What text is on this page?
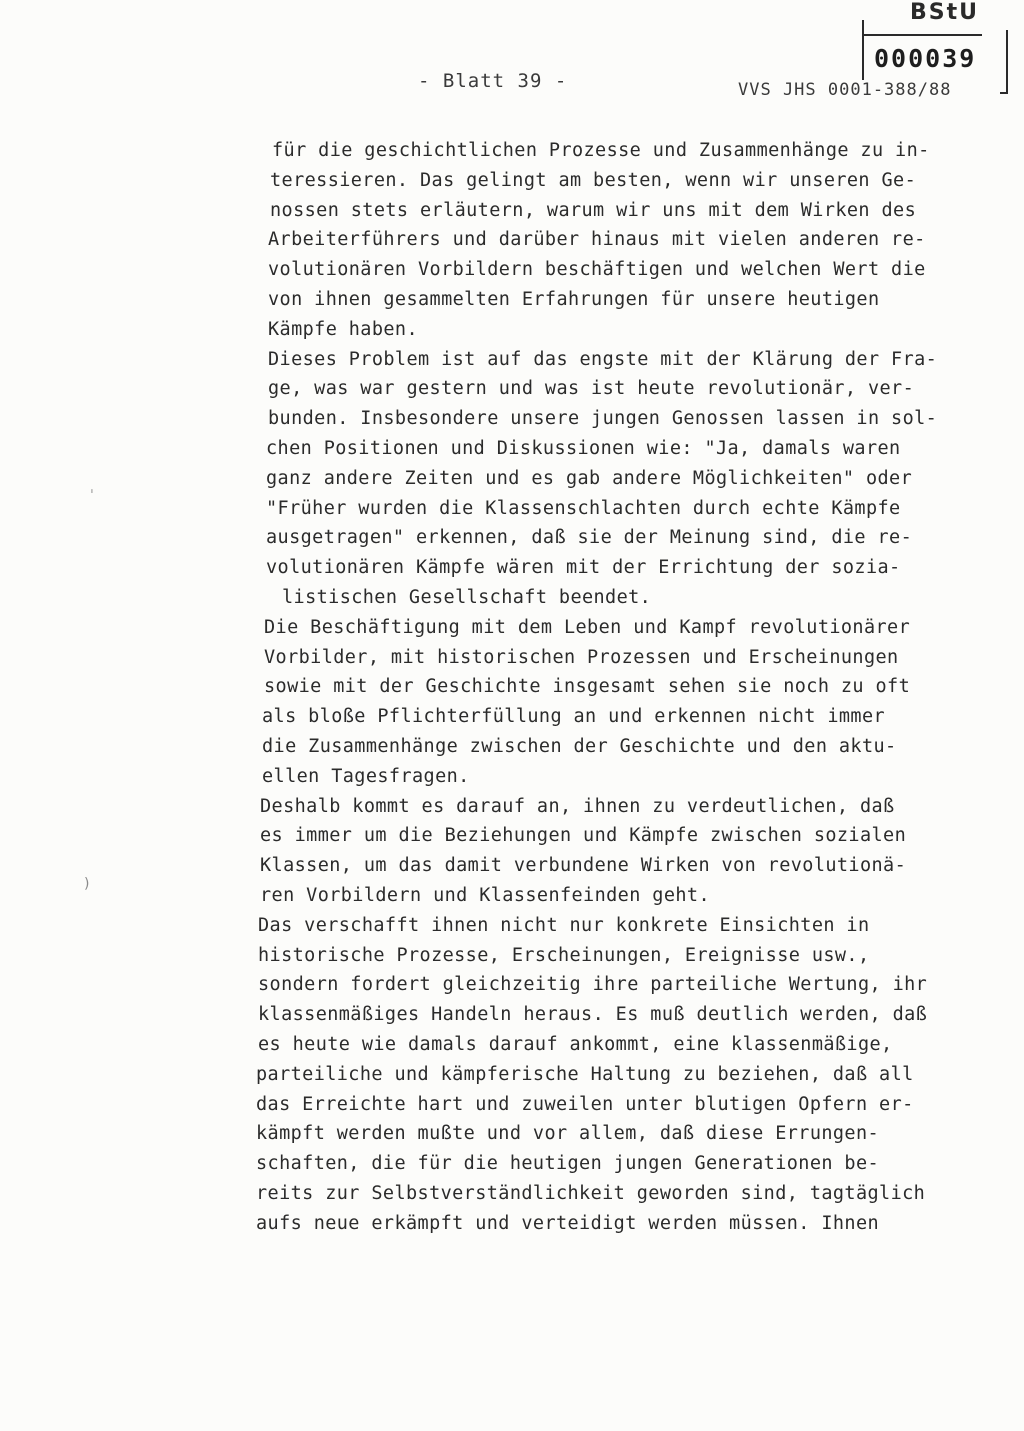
BStU
000039
- Blatt 39 -	VVS JHS 0001-388/88
ˈ
)
für die geschichtlichen Prozesse und Zusammenhänge zu in-
teressieren. Das gelingt am besten, wenn wir unseren Ge-
nossen stets erläutern, warum wir uns mit dem Wirken des
Arbeiterführers und darüber hinaus mit vielen anderen re-
volutionären Vorbildern beschäftigen und welchen Wert die
von ihnen gesammelten Erfahrungen für unsere heutigen
Kämpfe haben.
Dieses Problem ist auf das engste mit der Klärung der Fra-
ge, was war gestern und was ist heute revolutionär, ver-
bunden. Insbesondere unsere jungen Genossen lassen in sol-
chen Positionen und Diskussionen wie: "Ja, damals waren
ganz andere Zeiten und es gab andere Möglichkeiten" oder
"Früher wurden die Klassenschlachten durch echte Kämpfe
ausgetragen" erkennen, daß sie der Meinung sind, die re-
volutionären Kämpfe wären mit der Errichtung der sozia-
listischen Gesellschaft beendet.
Die Beschäftigung mit dem Leben und Kampf revolutionärer
Vorbilder, mit historischen Prozessen und Erscheinungen
sowie mit der Geschichte insgesamt sehen sie noch zu oft
als bloße Pflichterfüllung an und erkennen nicht immer
die Zusammenhänge zwischen der Geschichte und den aktu-
ellen Tagesfragen.
Deshalb kommt es darauf an, ihnen zu verdeutlichen, daß
es immer um die Beziehungen und Kämpfe zwischen sozialen
Klassen, um das damit verbundene Wirken von revolutionä-
ren Vorbildern und Klassenfeinden geht.
Das verschafft ihnen nicht nur konkrete Einsichten in
historische Prozesse, Erscheinungen, Ereignisse usw.,
sondern fordert gleichzeitig ihre parteiliche Wertung, ihr
klassenmäßiges Handeln heraus. Es muß deutlich werden, daß
es heute wie damals darauf ankommt, eine klassenmäßige,
parteiliche und kämpferische Haltung zu beziehen, daß all
das Erreichte hart und zuweilen unter blutigen Opfern er-
kämpft werden mußte und vor allem, daß diese Errungen-
schaften, die für die heutigen jungen Generationen be-
reits zur Selbstverständlichkeit geworden sind, tagtäglich
aufs neue erkämpft und verteidigt werden müssen. Ihnen
